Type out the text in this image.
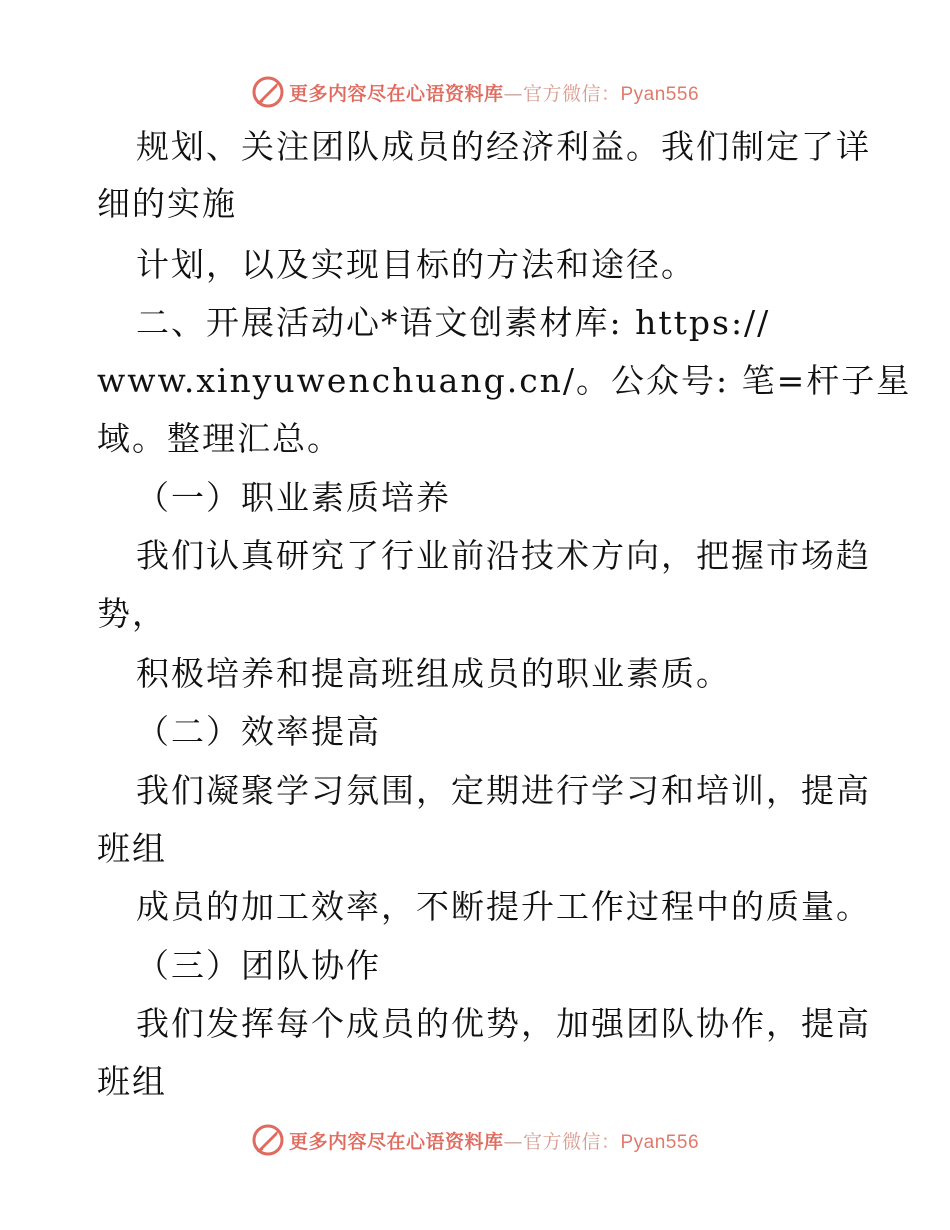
更多内容尽在心语资料库—官方微信：Pyan556
规划、关注团队成员的经济利益。我们制定了详
细的实施
计划，以及实现目标的方法和途径。
二、开展活动心*语文创素材库: https://
www.xinyuwenchuang.cn/。公众号: 笔=杆子星
域。整理汇总。
（一）职业素质培养
我们认真研究了行业前沿技术方向，把握市场趋
势，
积极培养和提高班组成员的职业素质。
（二）效率提高
我们凝聚学习氛围，定期进行学习和培训，提高
班组
成员的加工效率，不断提升工作过程中的质量。
（三）团队协作
我们发挥每个成员的优势，加强团队协作，提高
班组
更多内容尽在心语资料库—官方微信：Pyan556
